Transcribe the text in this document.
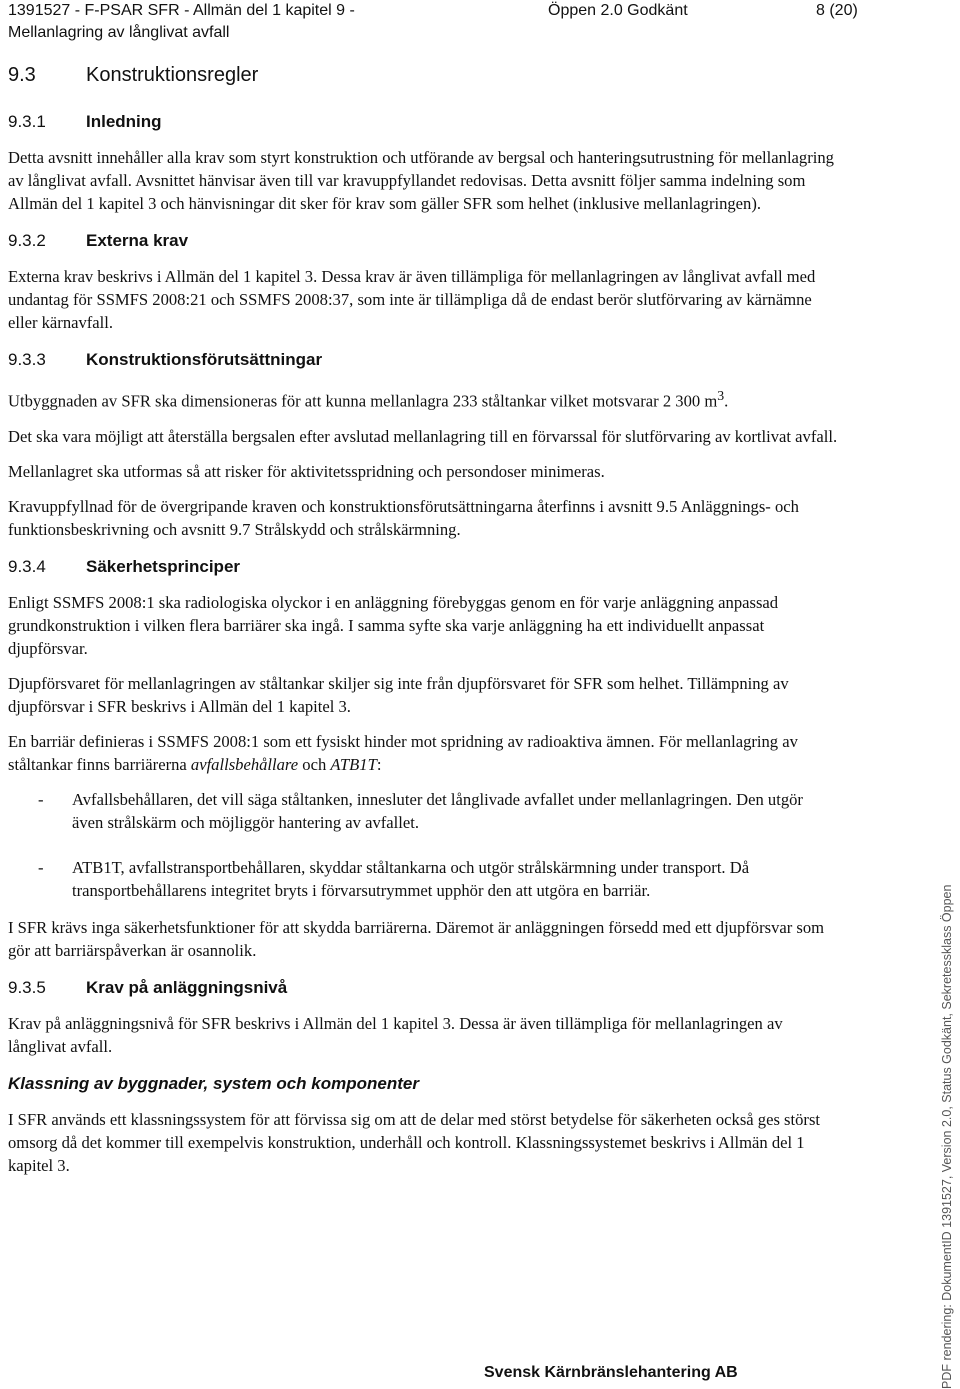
1391527 - F-PSAR SFR - Allmän del 1 kapitel 9 - Mellanlagring av långlivat avfall
Öppen 2.0 Godkänt	8 (20)
9.3	Konstruktionsregler
9.3.1 Inledning

Detta avsnitt innehåller alla krav som styrt konstruktion och utförande av bergsal och hanteringsutrustning för mellanlagring av långlivat avfall. Avsnittet hänvisar även till var kravuppfyllandet redovisas. Detta avsnitt följer samma indelning som Allmän del 1 kapitel 3 och hänvisningar dit sker för krav som gäller SFR som helhet (inklusive mellanlagringen).

9.3.2 Externa krav

Externa krav beskrivs i Allmän del 1 kapitel 3. Dessa krav är även tillämpliga för mellanlagringen av långlivat avfall med undantag för SSMFS 2008:21 och SSMFS 2008:37, som inte är tillämpliga då de endast berör slutförvaring av kärnämne eller kärnavfall.

9.3.3 Konstruktionsförutsättningar

Utbyggnaden av SFR ska dimensioneras för att kunna mellanlagra 233 ståltankar vilket motsvarar 2 300 $m^3$.

Det ska vara möjligt att återställa bergsalen efter avslutad mellanlagring till en förvarssal för slutförvaring av kortlivat avfall.

Mellanlagret ska utformas så att risker för aktivitetsspridning och persondoser minimeras.

Kravuppfyllnad för de övergripande kraven och konstruktionsförutsättningarna återfinns i avsnitt 9.5 Anläggnings- och funktionsbeskrivning och avsnitt 9.7 Strålskydd och strålskärmning.

9.3.4 Säkerhetsprinciper

Enligt SSMFS 2008:1 ska radiologiska olyckor i en anläggning förebyggas genom en för varje anläggning anpassad grundkonstruktion i vilken flera barriärer ska ingå. I samma syfte ska varje anläggning ha ett individuellt anpassat djupförsvar.

Djupförsvaret för mellanlagringen av ståltankar skiljer sig inte från djupförsvaret för SFR som helhet. Tillämpning av djupförsvar i SFR beskrivs i Allmän del 1 kapitel 3.

En barriär definieras i SSMFS 2008:1 som ett fysiskt hinder mot spridning av radioaktiva ämnen. För mellanlagring av ståltankar finns barriärerna avfallsbehållare och ATB1T:

-	Avfallsbehållaren, det vill säga ståltanken, innesluter det långlivade avfallet under mellanlagringen. Den utgör även strålskärm och möjliggör hantering av avfallet.
-	ATB1T, avfallstransportbehållaren, skyddar ståltankarna och utgör strålskärmning under transport. Då transportbehållarens integritet bryts i förvarsutrymmet upphör den att utgöra en barriär.

I SFR krävs inga säkerhetsfunktioner för att skydda barriärerna. Däremot är anläggningen försedd med ett djupförsvar som gör att barriärspåverkan är osannolik.

9.3.5 Krav på anläggningsnivå

Krav på anläggningsnivå för SFR beskrivs i Allmän del 1 kapitel 3. Dessa är även tillämpliga för mellanlagringen av långlivat avfall.

Klassning av byggnader, system och komponenter

I SFR används ett klassningssystem för att förvissa sig om att de delar med störst betydelse för säkerheten också ges störst omsorg då det kommer till exempelvis konstruktion, underhåll och kontroll. Klassningssystemet beskrivs i Allmän del 1 kapitel 3.

Svensk Kärnbränslehantering AB	PDF rendering: DokumentID 1391527, Version 2.0, Status Godkänt, Sekretessklass Öppen
